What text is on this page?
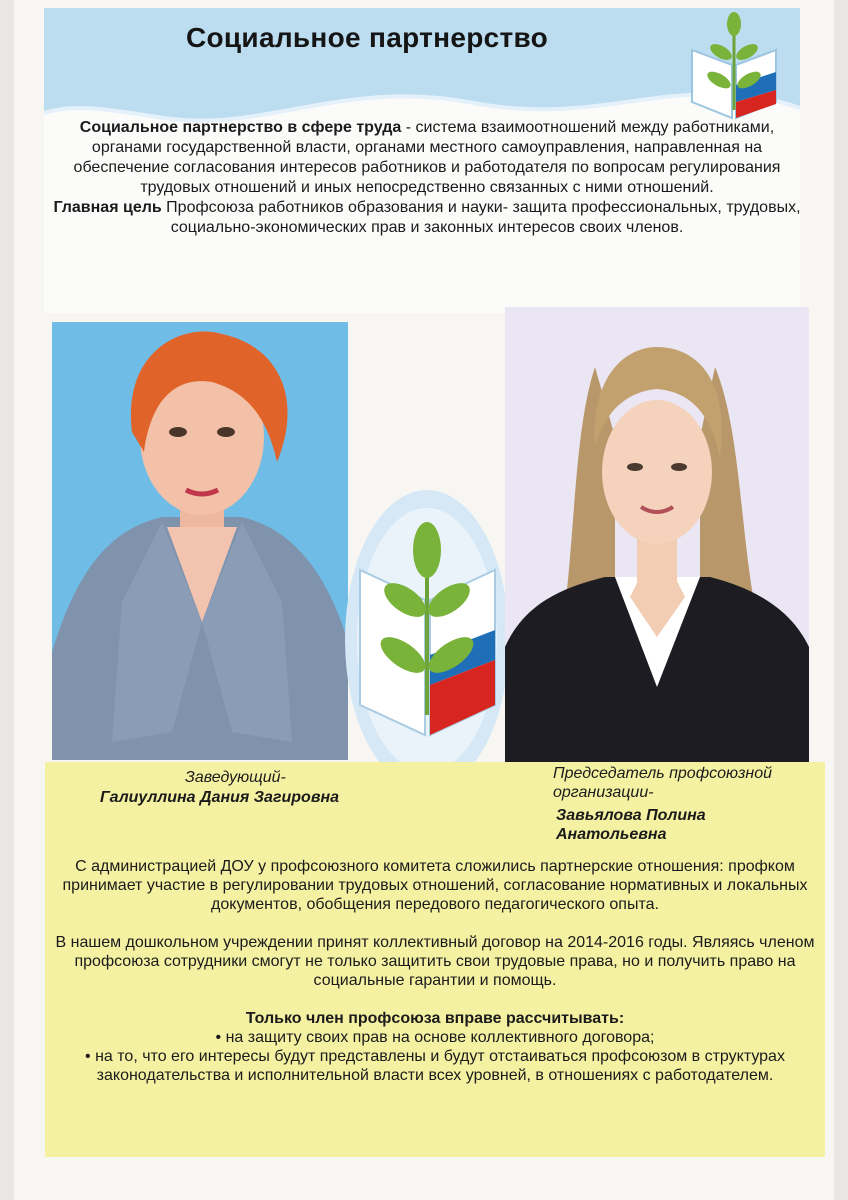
Социальное партнерство

Социальное партнерство в сфере труда - система взаимоотношений между работниками, органами государственной власти, органами местного самоуправления, направленная на обеспечение согласования интересов работников и работодателя по вопросам регулирования трудовых отношений и иных непосредственно связанных с ними отношений.

Главная цель Профсоюза работников образования и науки- защита профессиональных, трудовых, социально-экономических прав и законных интересов своих членов.

Заведующий-
Галиуллина Дания Загировна
Председатель профсоюзной организации-
Завьялова Полина Анатольевна

С администрацией ДОУ у профсоюзного комитета сложились партнерские отношения: профком принимает участие в регулировании трудовых отношений, согласование нормативных и локальных документов, обобщения передового педагогического опыта.

В нашем дошкольном учреждении принят коллективный договор на 2014-2016 годы. Являясь членом профсоюза сотрудники смогут не только защитить свои трудовые права, но и получить право на социальные гарантии и помощь.

Только член профсоюза вправе рассчитывать:

• на защиту своих прав на основе коллективного договора;

• на то, что его интересы будут представлены и будут отстаиваться профсоюзом в структурах законодательства и исполнительной власти всех уровней, в отношениях с работодателем.
